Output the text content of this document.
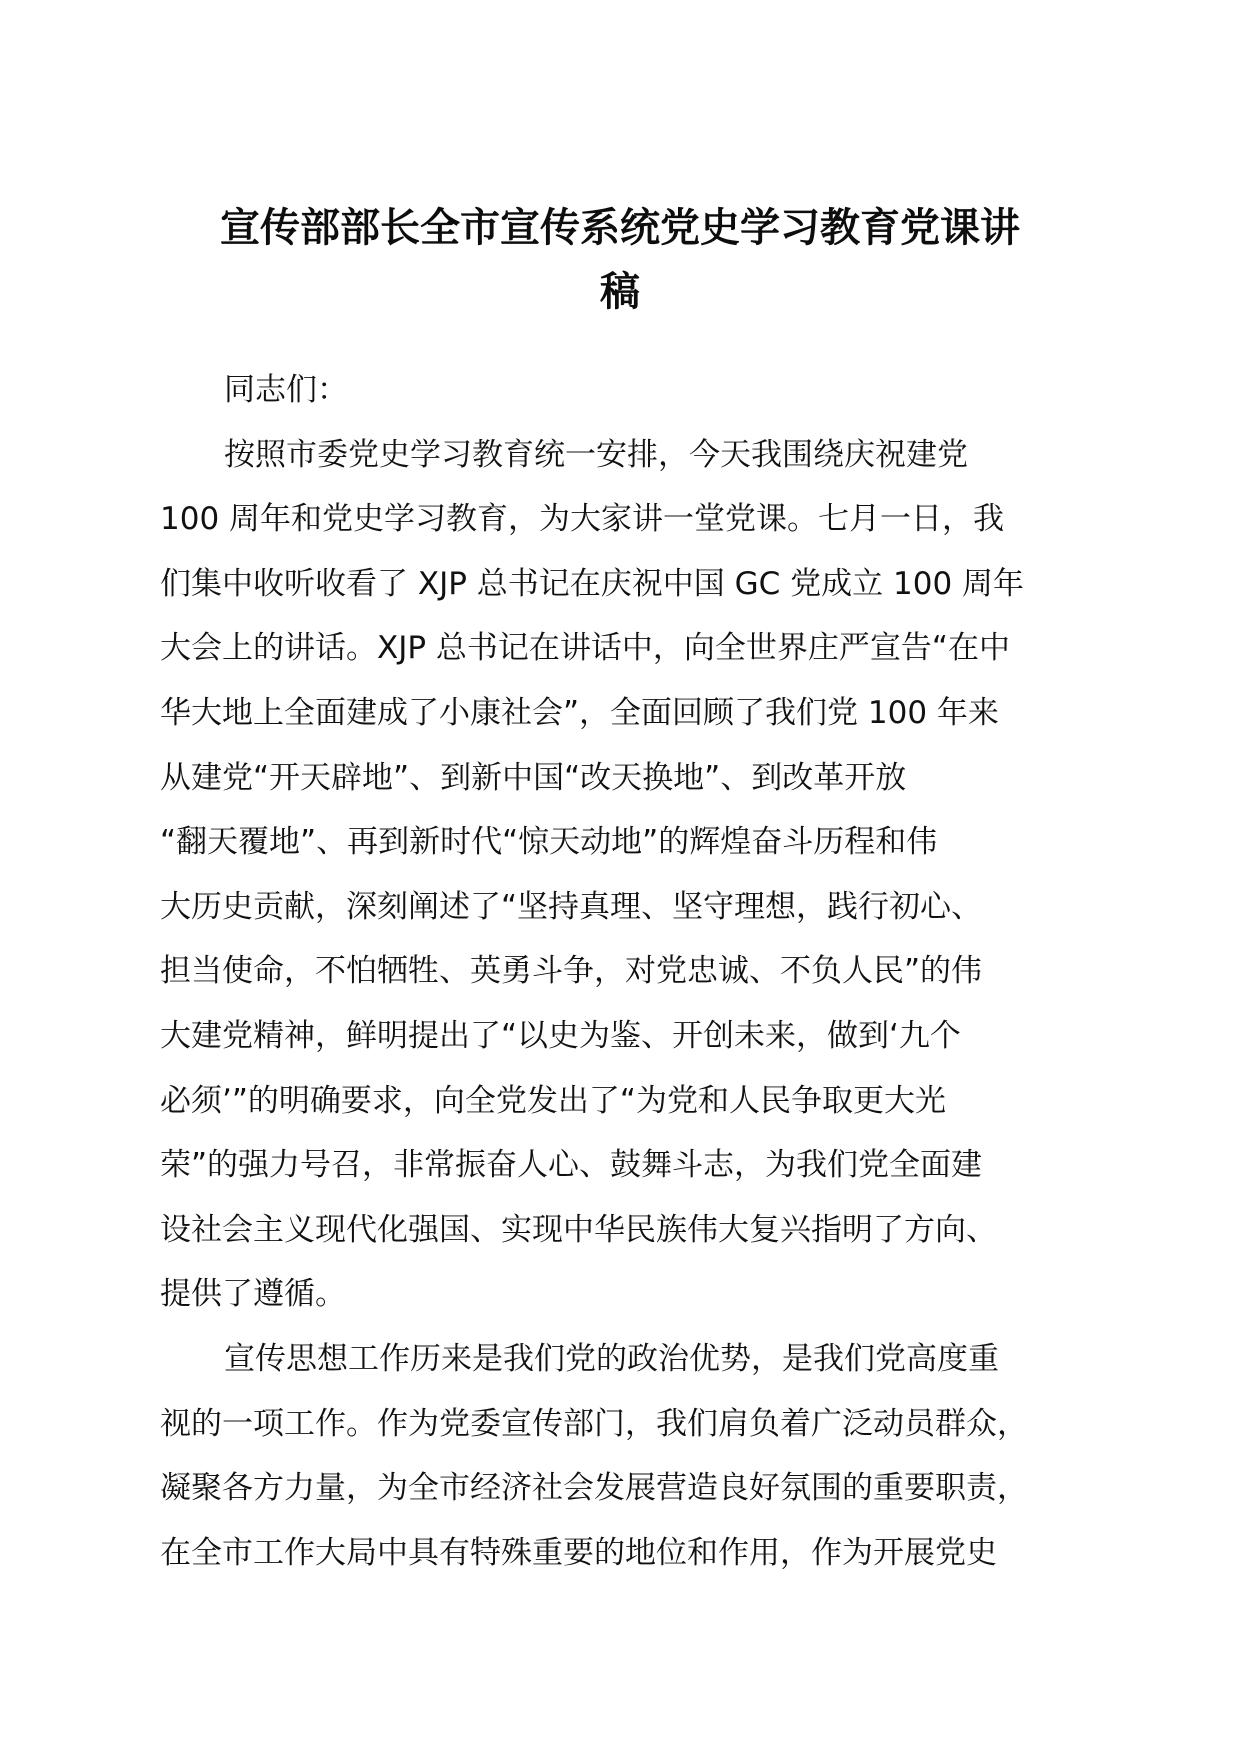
宣传部部长全市宣传系统党史学习教育党课讲
稿
同志们：
按照市委党史学习教育统一安排，今天我围绕庆祝建党
100 周年和党史学习教育，为大家讲一堂党课。七月一日，我
们集中收听收看了 XJP 总书记在庆祝中国 GC 党成立 100 周年
大会上的讲话。XJP 总书记在讲话中，向全世界庄严宣告“在中
华大地上全面建成了小康社会”，全面回顾了我们党 100 年来
从建党“开天辟地”、到新中国“改天换地”、到改革开放
“翻天覆地”、再到新时代“惊天动地”的辉煌奋斗历程和伟
大历史贡献，深刻阐述了“坚持真理、坚守理想，践行初心、
担当使命，不怕牺牲、英勇斗争，对党忠诚、不负人民”的伟
大建党精神，鲜明提出了“以史为鉴、开创未来，做到‘九个
必须’”的明确要求，向全党发出了“为党和人民争取更大光
荣”的强力号召，非常振奋人心、鼓舞斗志，为我们党全面建
设社会主义现代化强国、实现中华民族伟大复兴指明了方向、
提供了遵循。
宣传思想工作历来是我们党的政治优势，是我们党高度重
视的一项工作。作为党委宣传部门，我们肩负着广泛动员群众，
凝聚各方力量，为全市经济社会发展营造良好氛围的重要职责，
在全市工作大局中具有特殊重要的地位和作用，作为开展党史
